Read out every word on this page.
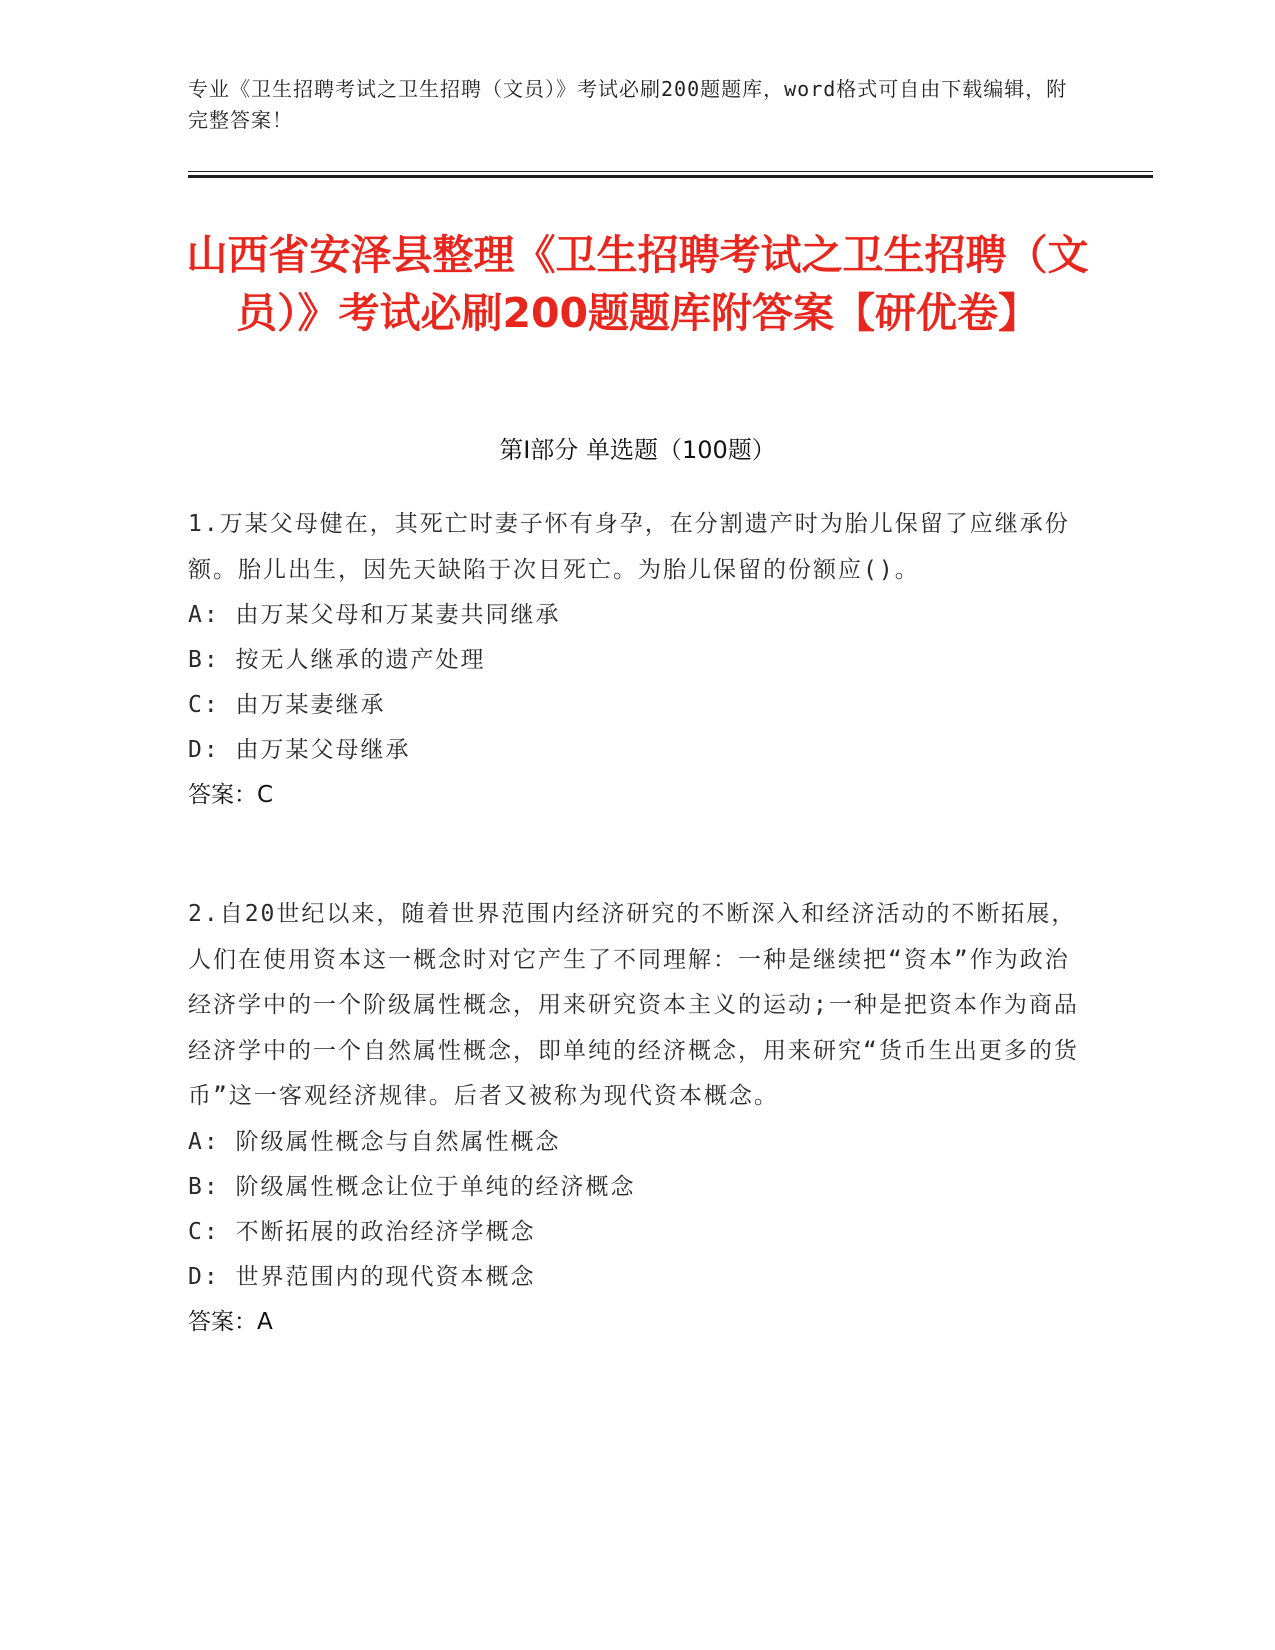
专业《卫生招聘考试之卫生招聘（文员）》考试必刷200题题库，word格式可自由下载编辑，附完整答案！
山西省安泽县整理《卫生招聘考试之卫生招聘（文员）》考试必刷200题题库附答案【研优卷】
第Ⅰ部分 单选题（100题）
1.万某父母健在，其死亡时妻子怀有身孕，在分割遗产时为胎儿保留了应继承份额。胎儿出生，因先天缺陷于次日死亡。为胎儿保留的份额应()。
A: 由万某父母和万某妻共同继承
B: 按无人继承的遗产处理
C: 由万某妻继承
D: 由万某父母继承
答案：C
2.自20世纪以来，随着世界范围内经济研究的不断深入和经济活动的不断拓展，人们在使用资本这一概念时对它产生了不同理解：一种是继续把“资本”作为政治经济学中的一个阶级属性概念，用来研究资本主义的运动;一种是把资本作为商品经济学中的一个自然属性概念，即单纯的经济概念，用来研究“货币生出更多的货币”这一客观经济规律。后者又被称为现代资本概念。
A: 阶级属性概念与自然属性概念
B: 阶级属性概念让位于单纯的经济概念
C: 不断拓展的政治经济学概念
D: 世界范围内的现代资本概念
答案：A
